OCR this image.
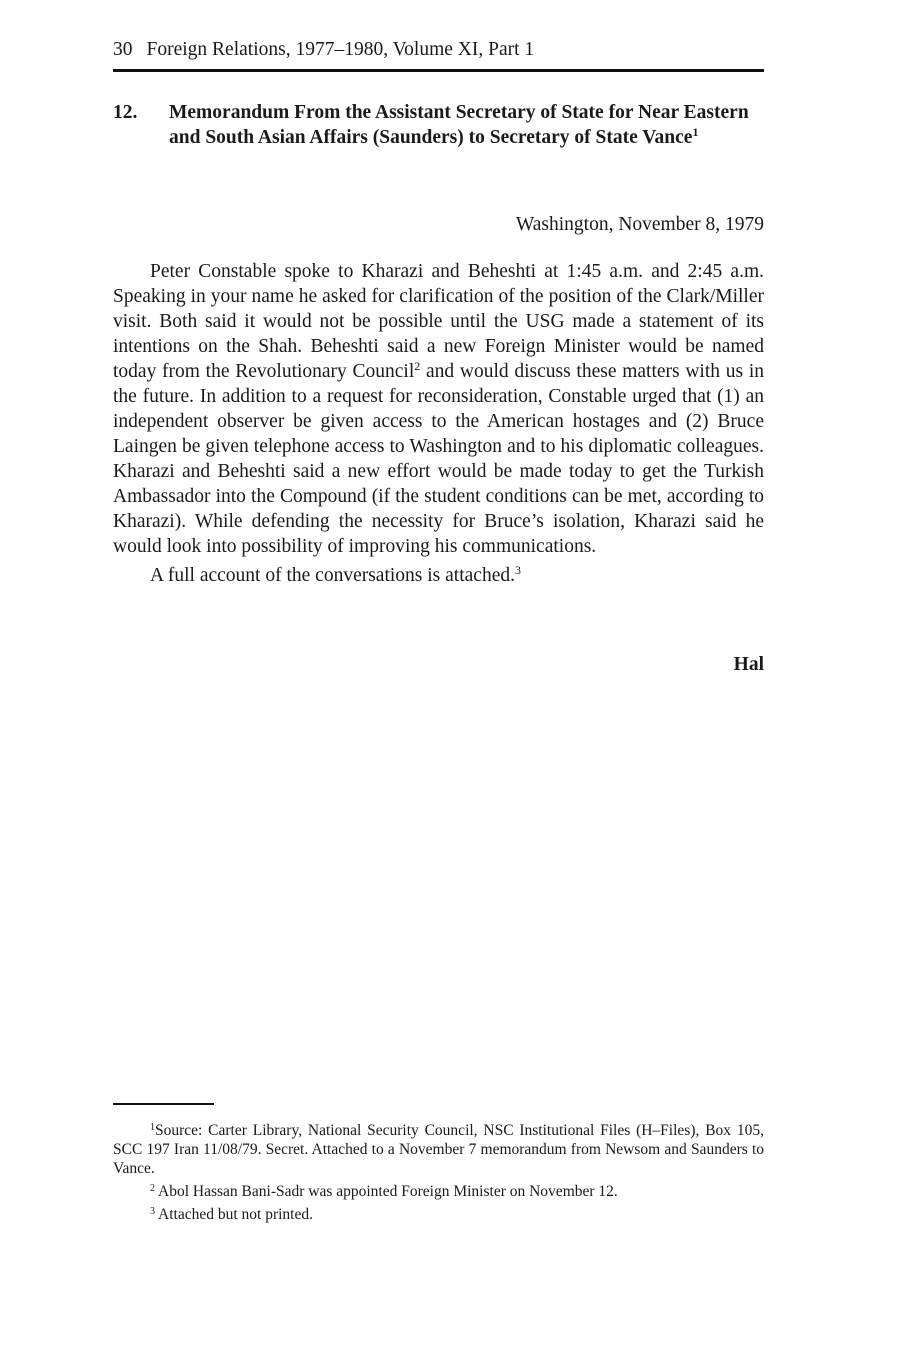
30 Foreign Relations, 1977–1980, Volume XI, Part 1
12. Memorandum From the Assistant Secretary of State for Near Eastern and South Asian Affairs (Saunders) to Secretary of State Vance$^1$
Washington, November 8, 1979

Peter Constable spoke to Kharazi and Beheshti at 1:45 a.m. and 2:45 a.m. Speaking in your name he asked for clarification of the position of the Clark/Miller visit. Both said it would not be possible until the USG made a statement of its intentions on the Shah. Beheshti said a new Foreign Minister would be named today from the Revolutionary Council$^2$ and would discuss these matters with us in the future. In addition to a request for reconsideration, Constable urged that (1) an independent observer be given access to the American hostages and (2) Bruce Laingen be given telephone access to Washington and to his diplomatic colleagues. Kharazi and Beheshti said a new effort would be made today to get the Turkish Ambassador into the Compound (if the student conditions can be met, according to Kharazi). While defending the necessity for Bruce’s isolation, Kharazi said he would look into possibility of improving his communications.

A full account of the conversations is attached.$^3$

Hal

$^1$Source: Carter Library, National Security Council, NSC Institutional Files (H–Files), Box 105, SCC 197 Iran 11/08/79. Secret. Attached to a November 7 memorandum from Newsom and Saunders to Vance.

$^2$ Abol Hassan Bani-Sadr was appointed Foreign Minister on November 12.

$^3$ Attached but not printed.
